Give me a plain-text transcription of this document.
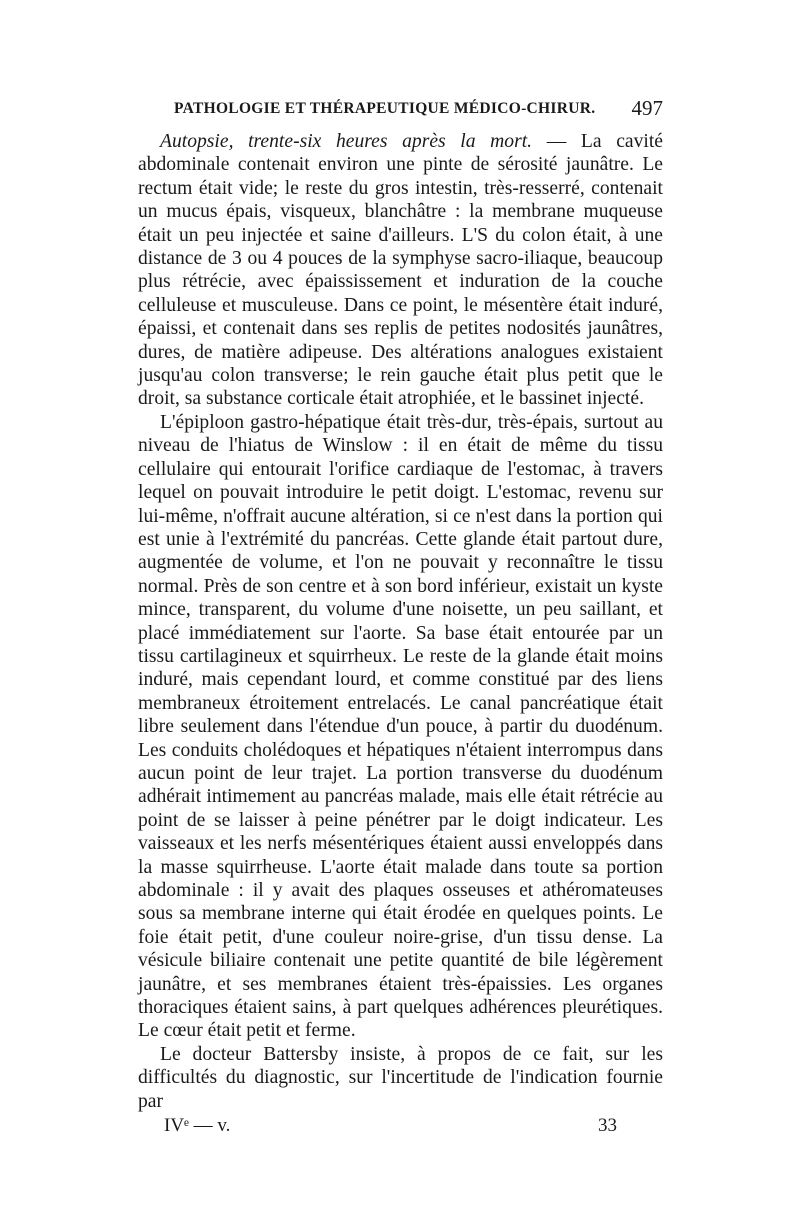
PATHOLOGIE ET THÉRAPEUTIQUE MÉDICO-CHIRUR. 497

Autopsie, trente-six heures après la mort. — La cavité abdominale contenait environ une pinte de sérosité jaunâtre. Le rectum était vide; le reste du gros intestin, très-resserré, contenait un mucus épais, visqueux, blanchâtre : la membrane muqueuse était un peu injectée et saine d'ailleurs. L'S du colon était, à une distance de 3 ou 4 pouces de la symphyse sacro-iliaque, beaucoup plus rétrécie, avec épaississement et induration de la couche celluleuse et musculeuse. Dans ce point, le mésentère était induré, épaissi, et contenait dans ses replis de petites nodosités jaunâtres, dures, de matière adipeuse. Des altérations analogues existaient jusqu'au colon transverse; le rein gauche était plus petit que le droit, sa substance corticale était atrophiée, et le bassinet injecté.

L'épiploon gastro-hépatique était très-dur, très-épais, surtout au niveau de l'hiatus de Winslow : il en était de même du tissu cellulaire qui entourait l'orifice cardiaque de l'estomac, à travers lequel on pouvait introduire le petit doigt. L'estomac, revenu sur lui-même, n'offrait aucune altération, si ce n'est dans la portion qui est unie à l'extrémité du pancréas. Cette glande était partout dure, augmentée de volume, et l'on ne pouvait y reconnaître le tissu normal. Près de son centre et à son bord inférieur, existait un kyste mince, transparent, du volume d'une noisette, un peu saillant, et placé immédiatement sur l'aorte. Sa base était entourée par un tissu cartilagineux et squirrheux. Le reste de la glande était moins induré, mais cependant lourd, et comme constitué par des liens membraneux étroitement entrelacés. Le canal pancréatique était libre seulement dans l'étendue d'un pouce, à partir du duodénum. Les conduits cholédoques et hépatiques n'étaient interrompus dans aucun point de leur trajet. La portion transverse du duodénum adhérait intimement au pancréas malade, mais elle était rétrécie au point de se laisser à peine pénétrer par le doigt indicateur. Les vaisseaux et les nerfs mésentériques étaient aussi enveloppés dans la masse squirrheuse. L'aorte était malade dans toute sa portion abdominale : il y avait des plaques osseuses et athéromateuses sous sa membrane interne qui était érodée en quelques points. Le foie était petit, d'une couleur noire-grise, d'un tissu dense. La vésicule biliaire contenait une petite quantité de bile légèrement jaunâtre, et ses membranes étaient très-épaissies. Les organes thoraciques étaient sains, à part quelques adhérences pleurétiques. Le cœur était petit et ferme.

Le docteur Battersby insiste, à propos de ce fait, sur les difficultés du diagnostic, sur l'incertitude de l'indication fournie par

IVᵉ — v.	33
